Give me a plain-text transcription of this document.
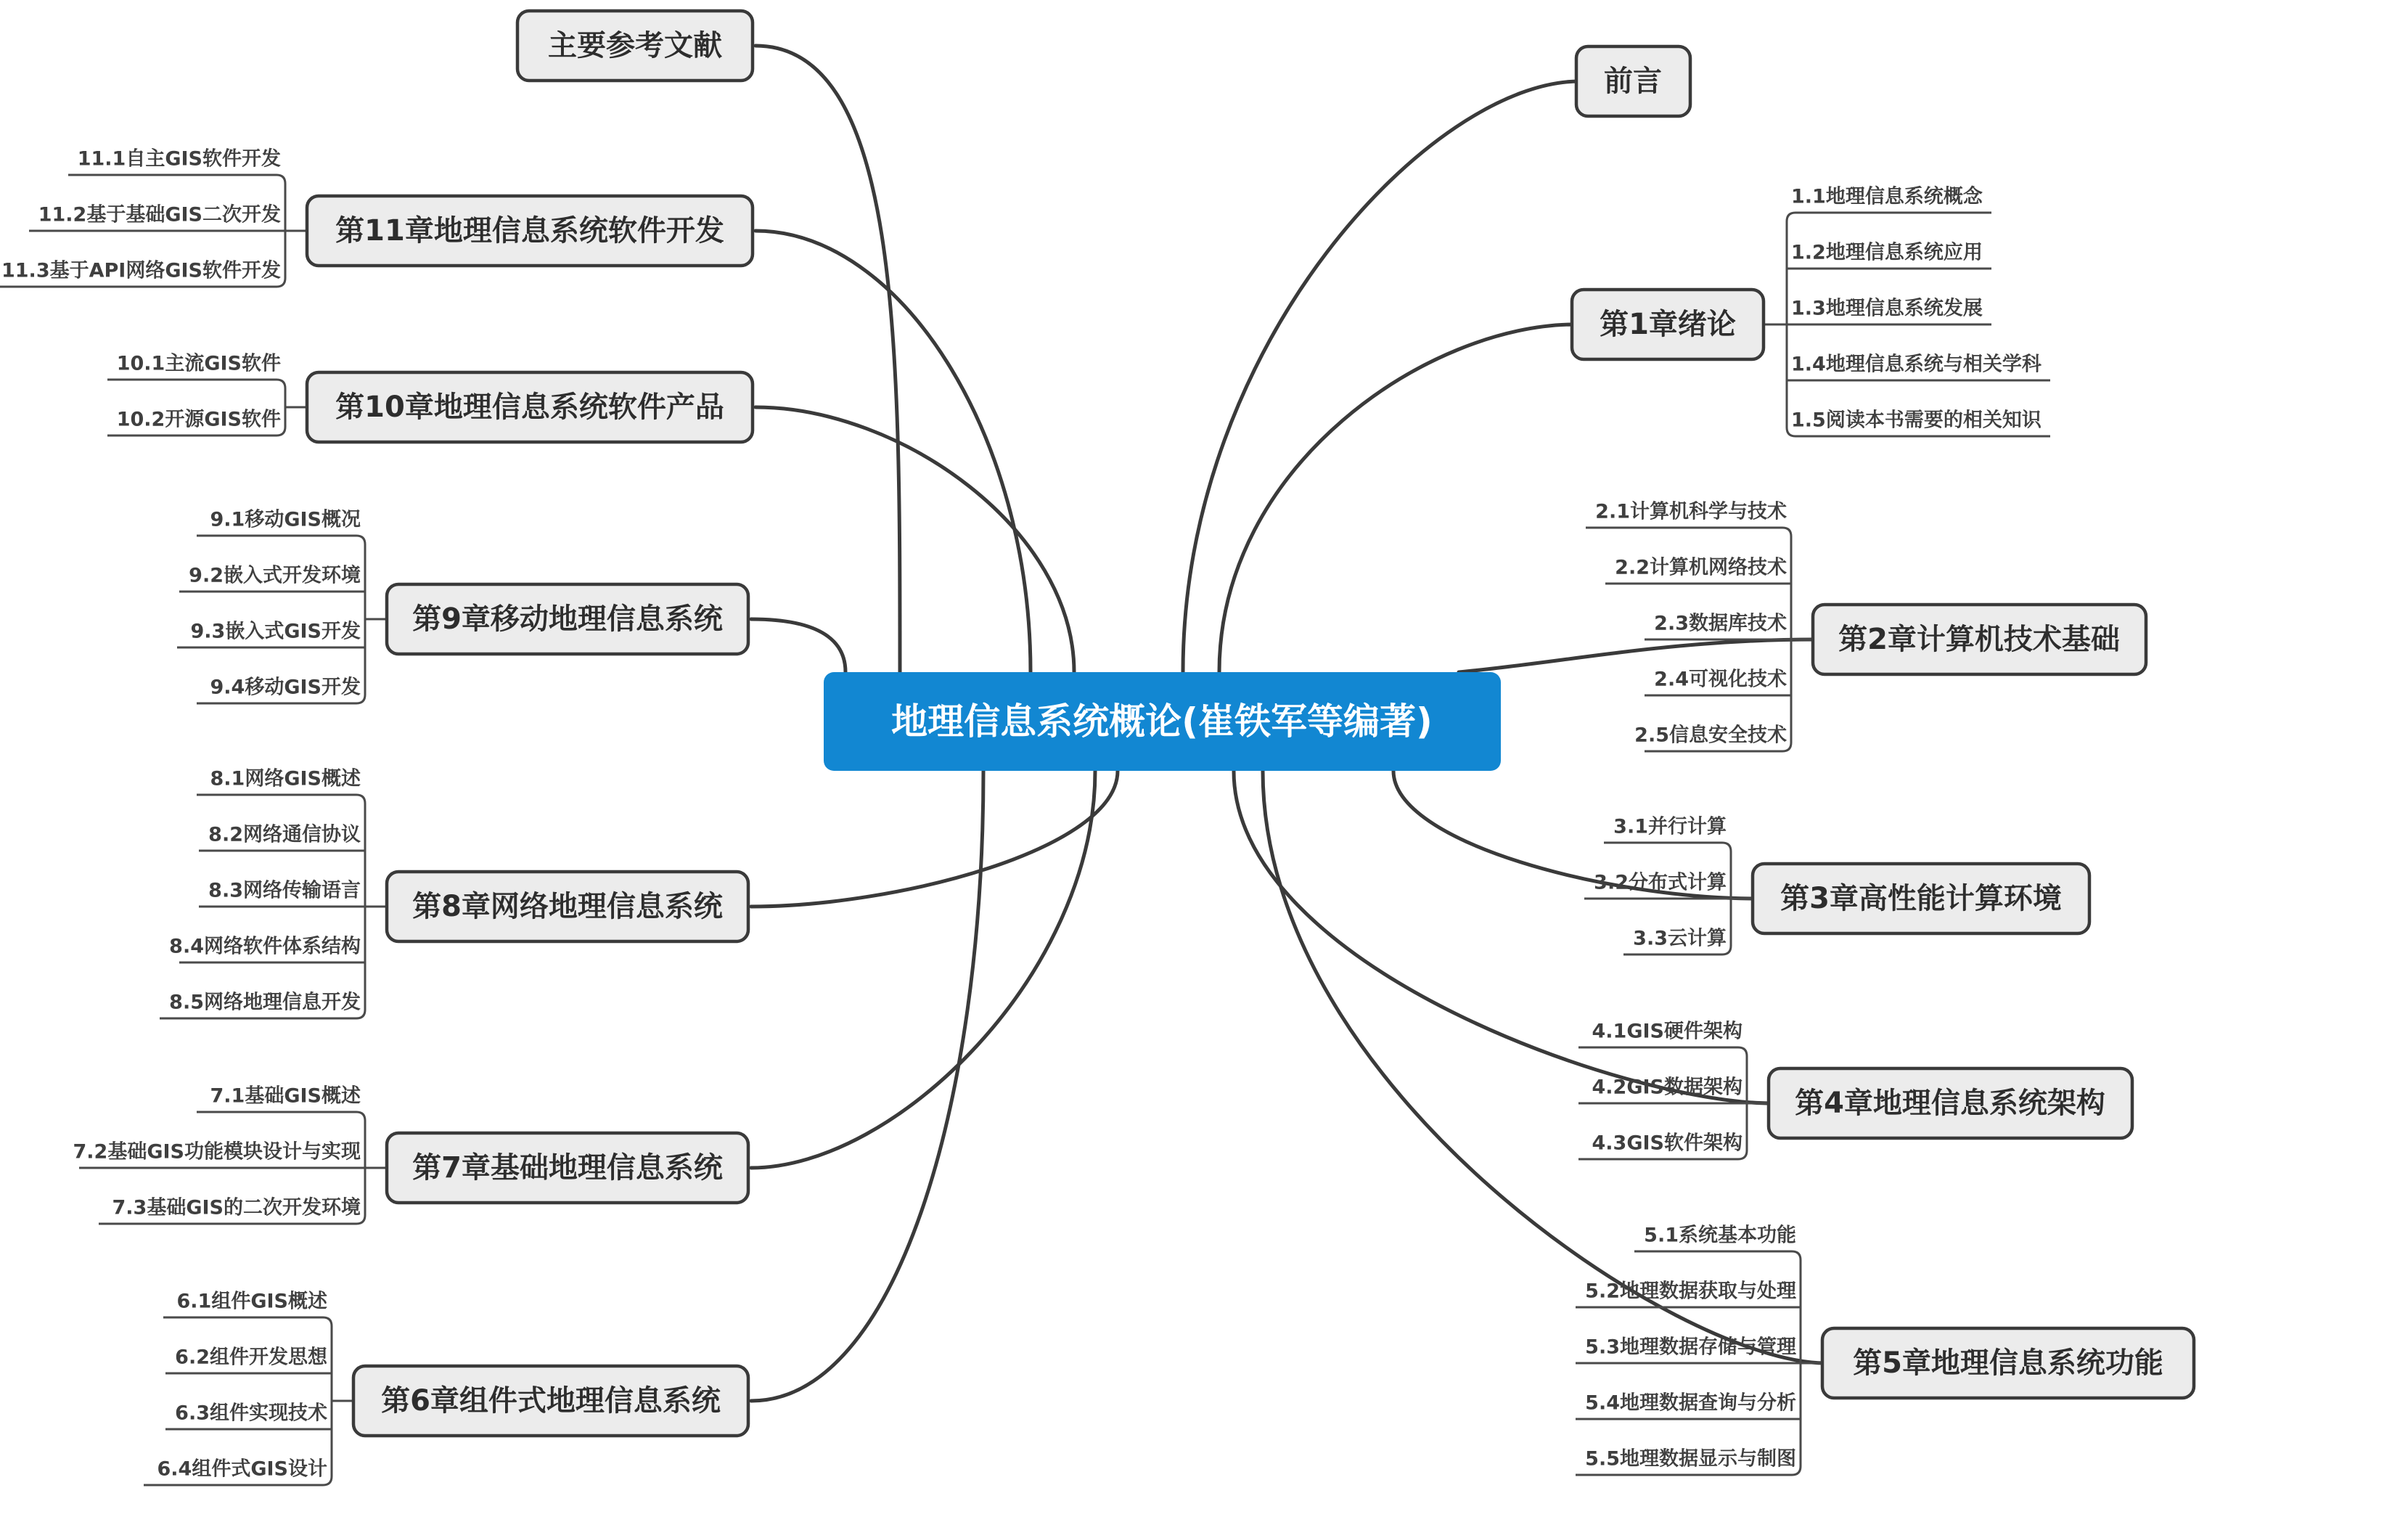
主要参考文献
前言
第1章绪论
1.1地理信息系统概念
1.2地理信息系统应用
1.3地理信息系统发展
1.4地理信息系统与相关学科
1.5阅读本书需要的相关知识
第2章计算机技术基础
2.1计算机科学与技术
2.2计算机网络技术
2.3数据库技术
2.4可视化技术
2.5信息安全技术
第3章高性能计算环境
3.1并行计算
3.2分布式计算
3.3云计算
第4章地理信息系统架构
4.1GIS硬件架构
4.2GIS数据架构
4.3GIS软件架构
第5章地理信息系统功能
5.1系统基本功能
5.2地理数据获取与处理
5.3地理数据存储与管理
5.4地理数据查询与分析
5.5地理数据显示与制图
第6章组件式地理信息系统
6.1组件GIS概述
6.2组件开发思想
6.3组件实现技术
6.4组件式GIS设计
第7章基础地理信息系统
7.1基础GIS概述
7.2基础GIS功能模块设计与实现
7.3基础GIS的二次开发环境
第8章网络地理信息系统
8.1网络GIS概述
8.2网络通信协议
8.3网络传输语言
8.4网络软件体系结构
8.5网络地理信息开发
第9章移动地理信息系统
9.1移动GIS概况
9.2嵌入式开发环境
9.3嵌入式GIS开发
9.4移动GIS开发
第10章地理信息系统软件产品
10.1主流GIS软件
10.2开源GIS软件
第11章地理信息系统软件开发
11.1自主GIS软件开发
11.2基于基础GIS二次开发
11.3基于API网络GIS软件开发
地理信息系统概论(崔铁军等编著)
